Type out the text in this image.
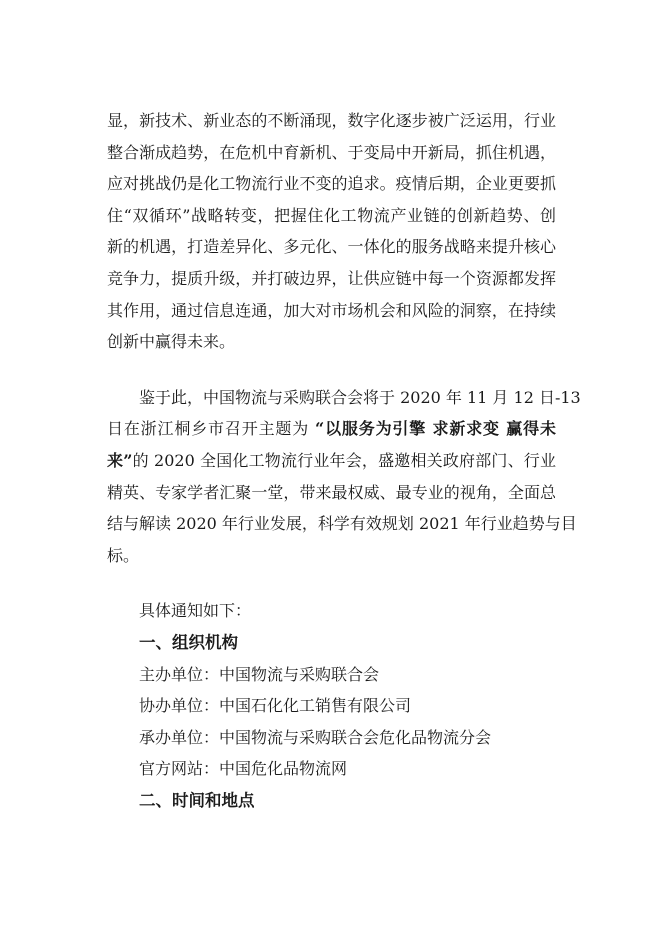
显，新技术、新业态的不断涌现，数字化逐步被广泛运用，行业
整合渐成趋势，在危机中育新机、于变局中开新局，抓住机遇，
应对挑战仍是化工物流行业不变的追求。疫情后期，企业更要抓
住“双循环”战略转变，把握住化工物流产业链的创新趋势、创
新的机遇，打造差异化、多元化、一体化的服务战略来提升核心
竞争力，提质升级，并打破边界，让供应链中每一个资源都发挥
其作用，通过信息连通，加大对市场机会和风险的洞察，在持续
创新中赢得未来。
鉴于此，中国物流与采购联合会将于 2020 年 11 月 12 日-13
日在浙江桐乡市召开主题为 “以服务为引擎 求新求变 赢得未
来”的 2020 全国化工物流行业年会，盛邀相关政府部门、行业
精英、专家学者汇聚一堂，带来最权威、最专业的视角，全面总
结与解读 2020 年行业发展，科学有效规划 2021 年行业趋势与目
标。
具体通知如下：
一、组织机构
主办单位：中国物流与采购联合会
协办单位：中国石化化工销售有限公司
承办单位：中国物流与采购联合会危化品物流分会
官方网站：中国危化品物流网
二、时间和地点
